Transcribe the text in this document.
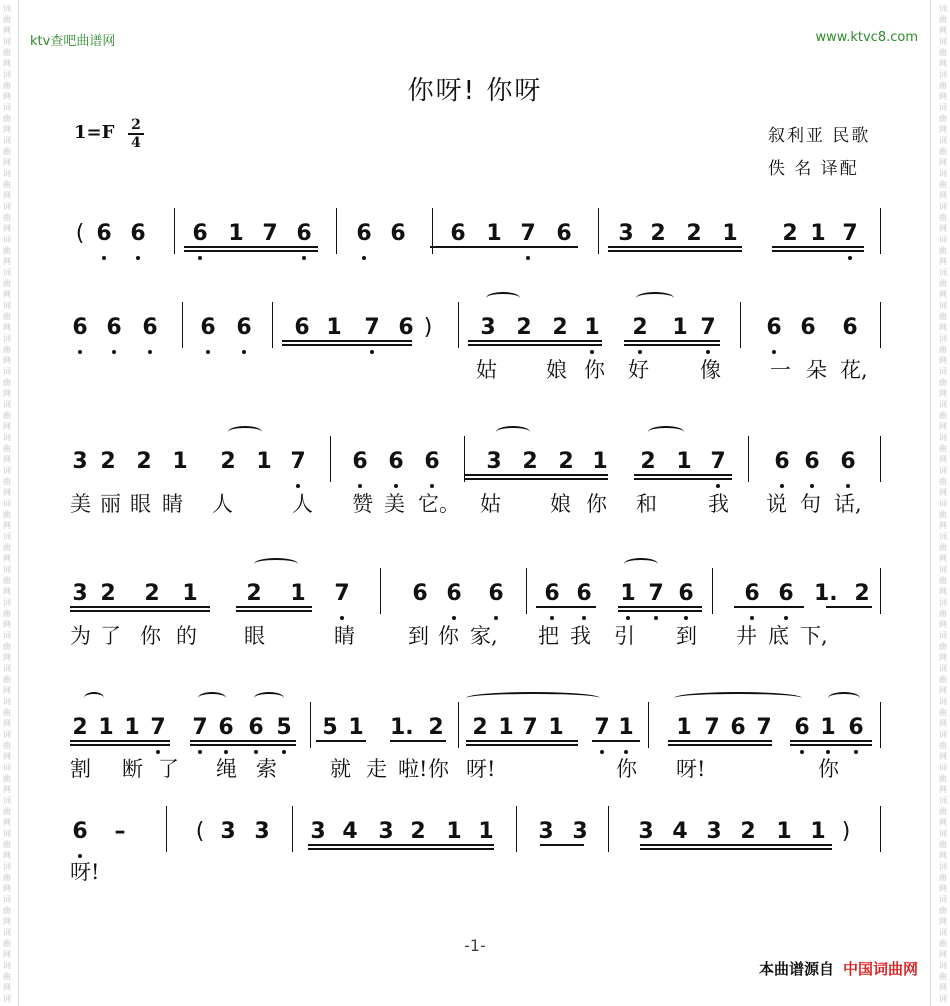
词
曲
网
词
曲
网
词
曲
网
词
曲
网
词
曲
网
词
曲
网
词
曲
网
词
曲
网
词
曲
网
词
曲
网
词
曲
网
词
曲
网
词
曲
网
词
曲
网
词
曲
网
词
曲
网
词
曲
网
词
曲
网
词
曲
网
词
曲
网
词
曲
网
词
曲
网
词
曲
网
词
曲
网
词
曲
网
词
曲
网
词
曲
网
词
曲
网
词
曲
网
词
曲
网
词
词
曲
网
词
曲
网
词
曲
网
词
曲
网
词
曲
网
词
曲
网
词
曲
网
词
曲
网
词
曲
网
词
曲
网
词
曲
网
词
曲
网
词
曲
网
词
曲
网
词
曲
网
词
曲
网
词
曲
网
词
曲
网
词
曲
网
词
曲
网
词
曲
网
词
曲
网
词
曲
网
词
曲
网
词
曲
网
词
曲
网
词
曲
网
词
曲
网
词
曲
网
词
曲
网
词
ktv查吧曲谱网	www.ktvc8.com
你呀! 你呀
1=F 2
4	叙利亚 民歌
佚 名 译配
( 6 6 6 1 7 6 6 6 6 1 7 6 3 2 2 1 2 1 7
6 6 6 6 6 6 1 7 6 ) 3 2 2 1 2 1 7 6 6 6
姑 娘 你 好 像 一 朵 花,
3 2 2 1 2 1 7 6 6 6 3 2 2 1 2 1 7 6 6 6
美 丽 眼 睛 人	人 赞 美 它。 姑 娘 你 和 我 说 句 话,
3 2 2 1 2 1 7	6 6 6 6 6 1 7 6 6 6 1. 2
为 了 你 的 眼	睛	到 你 家, 把 我 引 到 井 底 下,
2 1 1 7 7 6 6 5 5 1 1. 2 2 1 7 1 7 1 1 7 6 7 6 1 6
割 断 了 绳 索	就 走 啦! 你 呀!	你 呀!	你
6 –	( 3 3 3 4 3 2 1 1 3 3 3 4 3 2 1 1 )
呀!
-1-
本曲谱源自 中国词曲网
